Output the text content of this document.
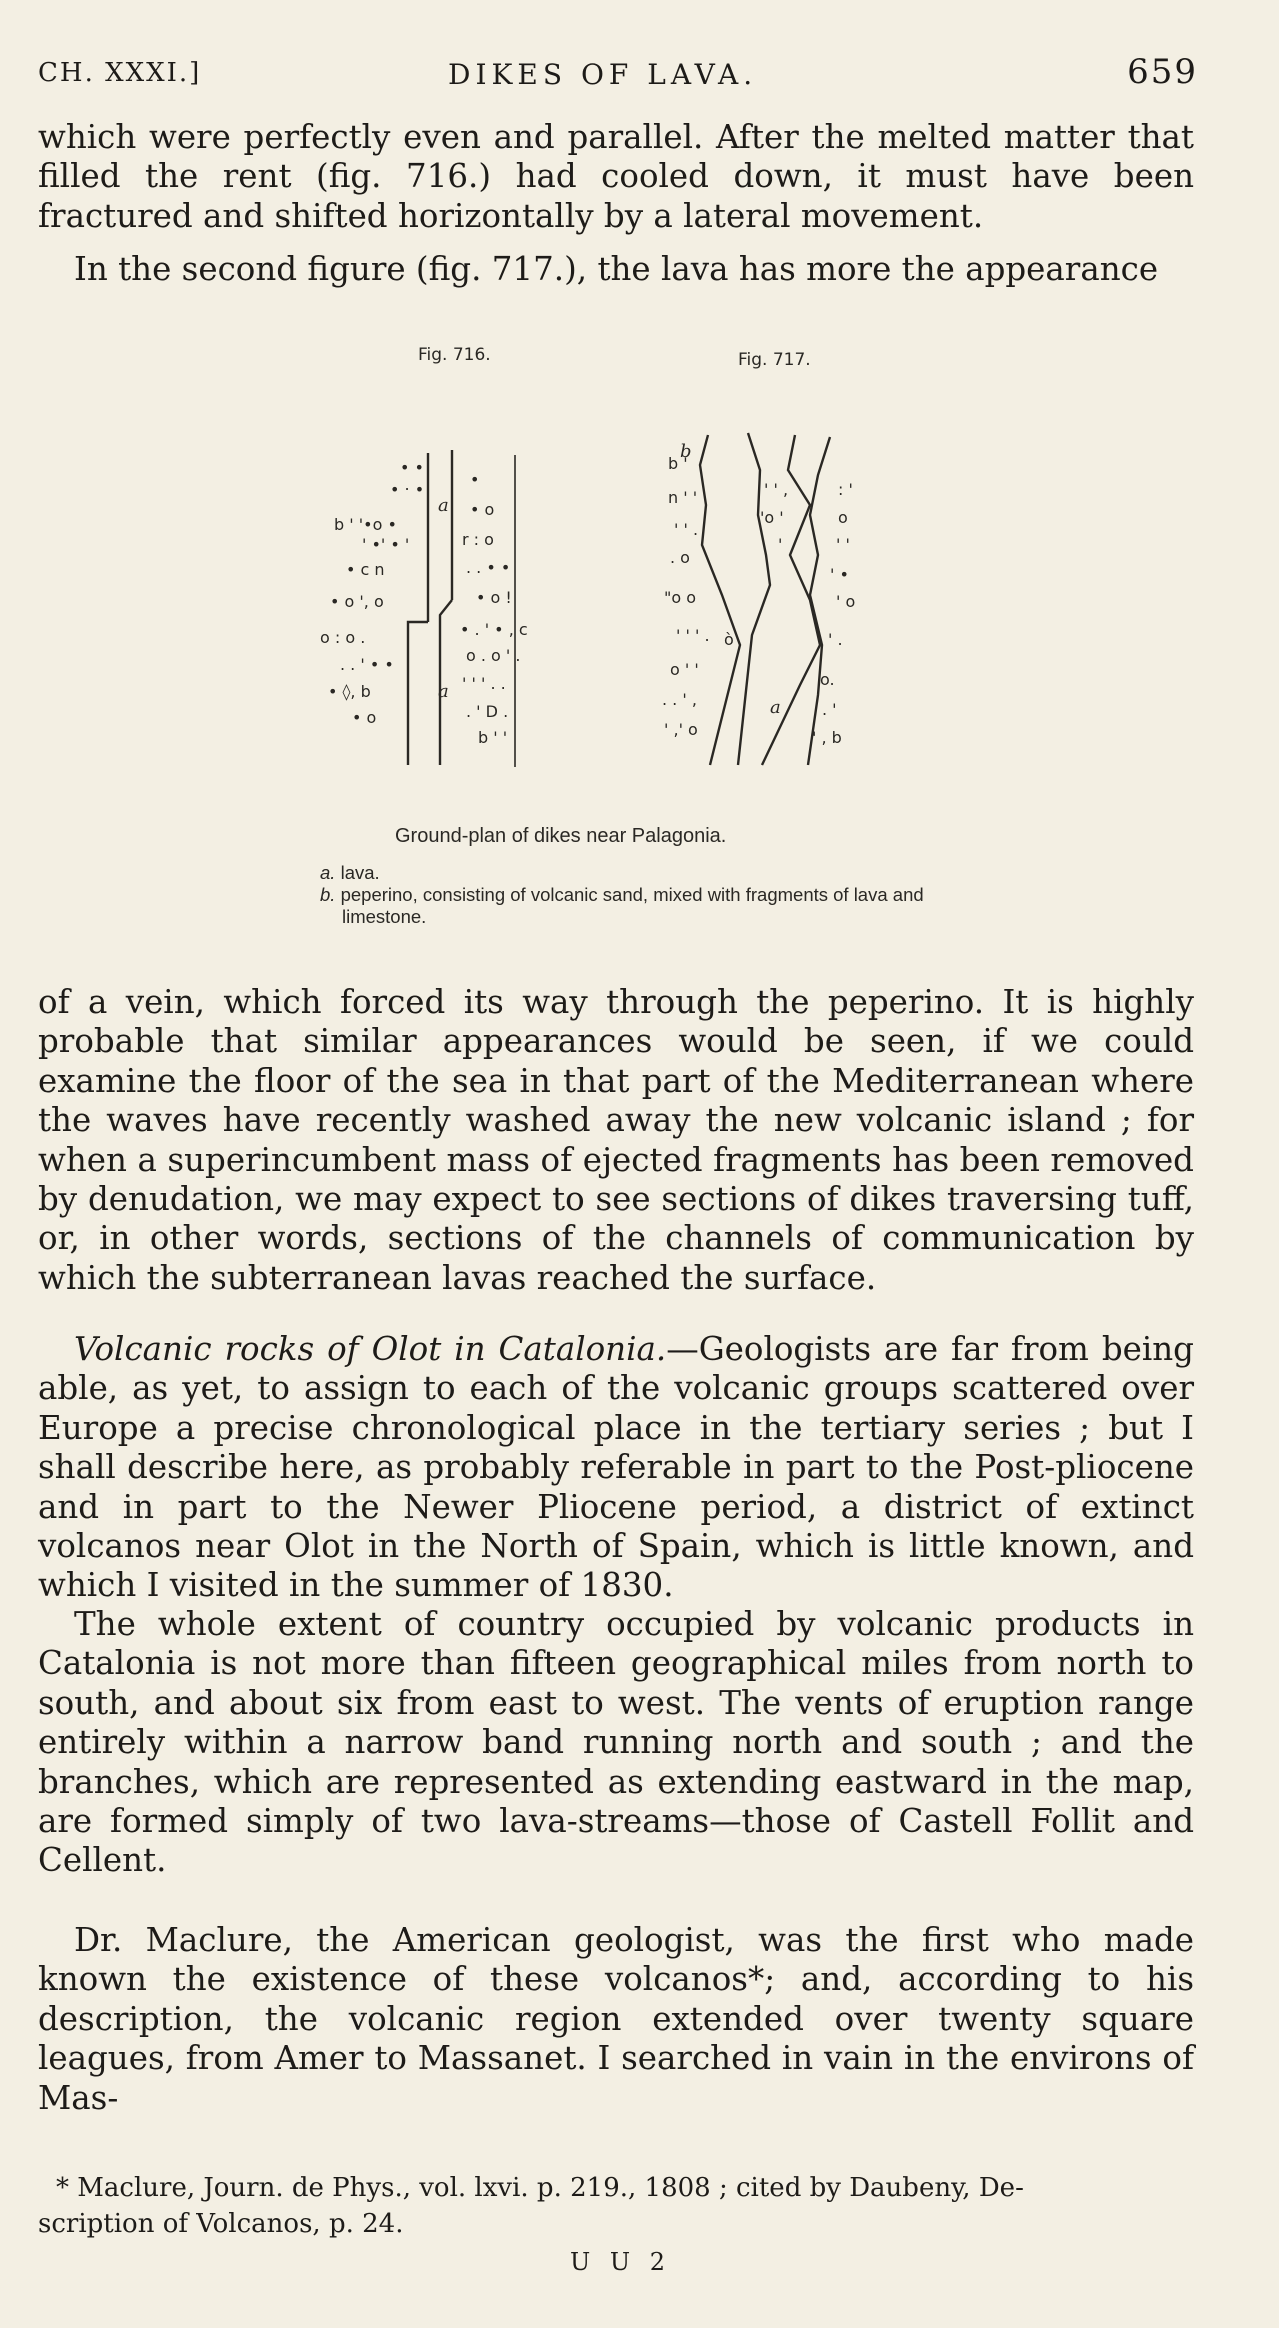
CH. XXXI.]	DIKES OF LAVA.	659

which were perfectly even and parallel. After the melted matter that filled the rent (fig. 716.) had cooled down, it must have been fractured and shifted horizontally by a lateral movement.

In the second figure (fig. 717.), the lava has more the appearance

Fig. 716.	Fig. 717.
• •
• ‧ •
b ' '•o •
' •' • '
• c n
• o ', o
o : o .
. . ' • •
• ◊, b
• o
•
• o
r : o
. . • •
• o !
• . ' • , c
o . o ' .
' ' ' . .
. ' D .
b ' '
a
a
b '
n ' '
' ' .
. o
"o o
' ' ' .
o ' '
. . ' ,
' ,' o
ò
' ' ,
'o '
'
: '
o
' '
' •
' o
' .
o.
. '
' , b
b
a
Ground-plan of dikes near Palagonia.
a. lava.
b. peperino, consisting of volcanic sand, mixed with fragments of lava and limestone.

of a vein, which forced its way through the peperino. It is highly probable that similar appearances would be seen, if we could examine the floor of the sea in that part of the Mediterranean where the waves have recently washed away the new volcanic island ; for when a superincumbent mass of ejected fragments has been removed by denudation, we may expect to see sections of dikes traversing tuff, or, in other words, sections of the channels of communication by which the subterranean lavas reached the surface.

Volcanic rocks of Olot in Catalonia.—Geologists are far from being able, as yet, to assign to each of the volcanic groups scattered over Europe a precise chronological place in the tertiary series ; but I shall describe here, as probably referable in part to the Post-pliocene and in part to the Newer Pliocene period, a district of extinct volcanos near Olot in the North of Spain, which is little known, and which I visited in the summer of 1830.

The whole extent of country occupied by volcanic products in Catalonia is not more than fifteen geographical miles from north to south, and about six from east to west. The vents of eruption range entirely within a narrow band running north and south ; and the branches, which are represented as extending eastward in the map, are formed simply of two lava-streams—those of Castell Follit and Cellent.

Dr. Maclure, the American geologist, was the first who made known the existence of these volcanos*; and, according to his description, the volcanic region extended over twenty square leagues, from Amer to Massanet. I searched in vain in the environs of Mas-

* Maclure, Journ. de Phys., vol. lxvi. p. 219., 1808 ; cited by Daubeny, De-
scription of Volcanos, p. 24.
U U 2
